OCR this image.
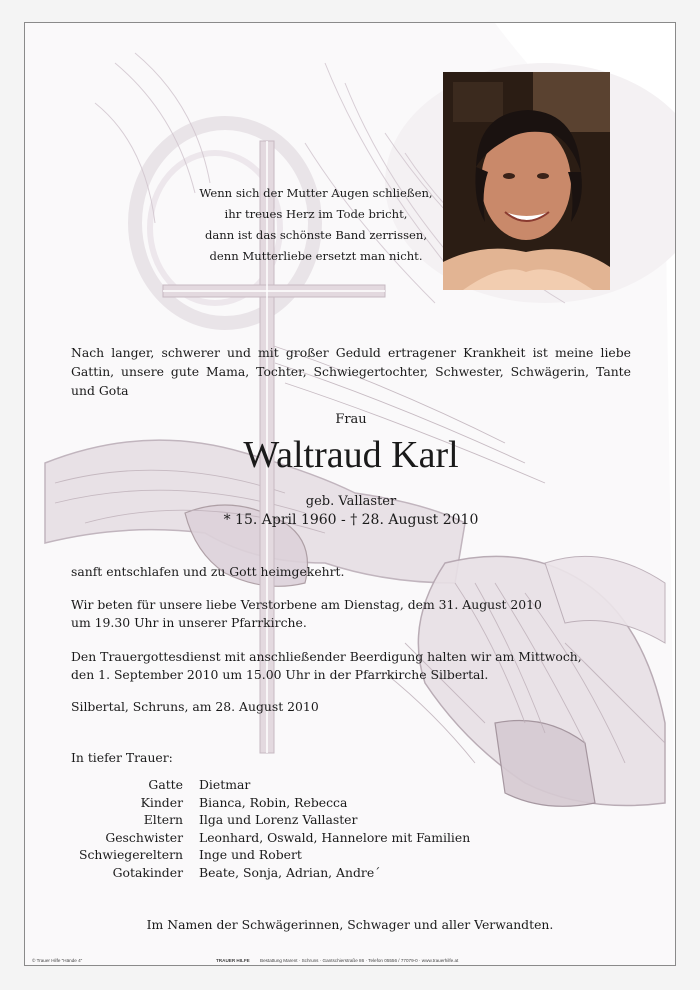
Wenn sich der Mutter Augen schließen,
ihr treues Herz im Tode bricht,
dann ist das schönste Band zerrissen,
denn Mutterliebe ersetzt man nicht.
Nach langer, schwerer und mit großer Geduld ertragener Krankheit ist meine liebe Gattin, unsere gute Mama, Tochter, Schwiegertochter, Schwester, Schwägerin, Tante und Gota
Frau
Waltraud Karl
geb. Vallaster
* 15. April 1960 - † 28. August 2010
sanft entschlafen und zu Gott heimgekehrt.
Wir beten für unsere liebe Verstorbene am Dienstag, dem 31. August 2010
um 19.30 Uhr in unserer Pfarrkirche.
Den Trauergottesdienst mit anschließender Beerdigung halten wir am Mittwoch,
den 1. September 2010 um 15.00 Uhr in der Pfarrkirche Silbertal.
Silbertal, Schruns, am 28. August 2010
In tiefer Trauer:
Gatte	Dietmar
Kinder	Bianca, Robin, Rebecca
Eltern	Ilga und Lorenz Vallaster
Geschwister	Leonhard, Oswald, Hannelore mit Familien
Schwiegereltern	Inge und Robert
Gotakinder	Beate, Sonja, Adrian, Andre´
Im Namen der Schwägerinnen, Schwager und aller Verwandten.
© Trauer Hilfe "Hände 4"	TRAUER HILFE Bestattung Marent · Schruns · Gantschierstraße 86 · Telefon 05556 / 77079-0 · www.trauerhilfe.at
